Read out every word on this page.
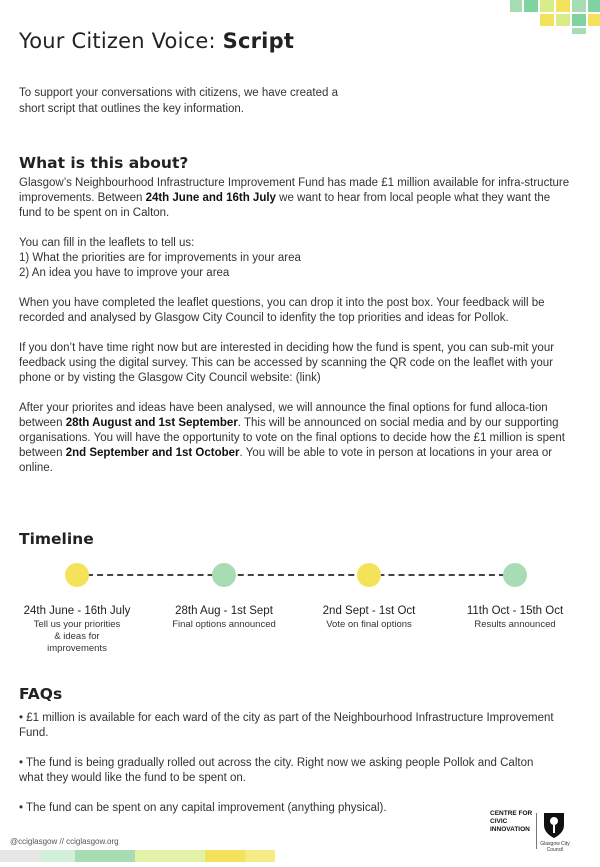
Your Citizen Voice: Script

To support your conversations with citizens, we have created a short script that outlines the key information.

What is this about?

Glasgow’s Neighbourhood Infrastructure Improvement Fund has made £1 million available for infra-structure improvements. Between 24th June and 16th July we want to hear from local people what they want the fund to be spent on in Calton.

You can fill in the leaflets to tell us:
1) What the priorities are for improvements in your area
2) An idea you have to improve your area

When you have completed the leaflet questions, you can drop it into the post box. Your feedback will be recorded and analysed by Glasgow City Council to idenfity the top priorities and ideas for Pollok.

If you don’t have time right now but are interested in deciding how the fund is spent, you can sub-mit your feedback using the digital survey. This can be accessed by scanning the QR code on the leaflet with your phone or by visting the Glasgow City Council website: (link)

After your priorites and ideas have been analysed, we will announce the final options for fund alloca-tion between 28th August and 1st September. This will be announced on social media and by our supporting organisations. You will have the opportunity to vote on the final options to decide how the £1 million is spent between 2nd September and 1st October. You will be able to vote in person at locations in your area or online.

Timeline
24th June - 16th July
Tell us your priorities & ideas for improvements
28th Aug - 1st Sept
Final options announced
2nd Sept - 1st Oct
Vote on final options
11th Oct - 15th Oct
Results announced
FAQs
• £1 million is available for each ward of the city as part of the Neighbourhood Infrastructure Improvement Fund.
• The fund is being gradually rolled out across the city. Right now we asking people Pollok and Calton what they would like the fund to be spent on.
• The fund can be spent on any capital improvement (anything physical).
@cciglasgow // cciglasgow.org
CENTRE FOR CIVIC INNOVATION
Glasgow City Council
